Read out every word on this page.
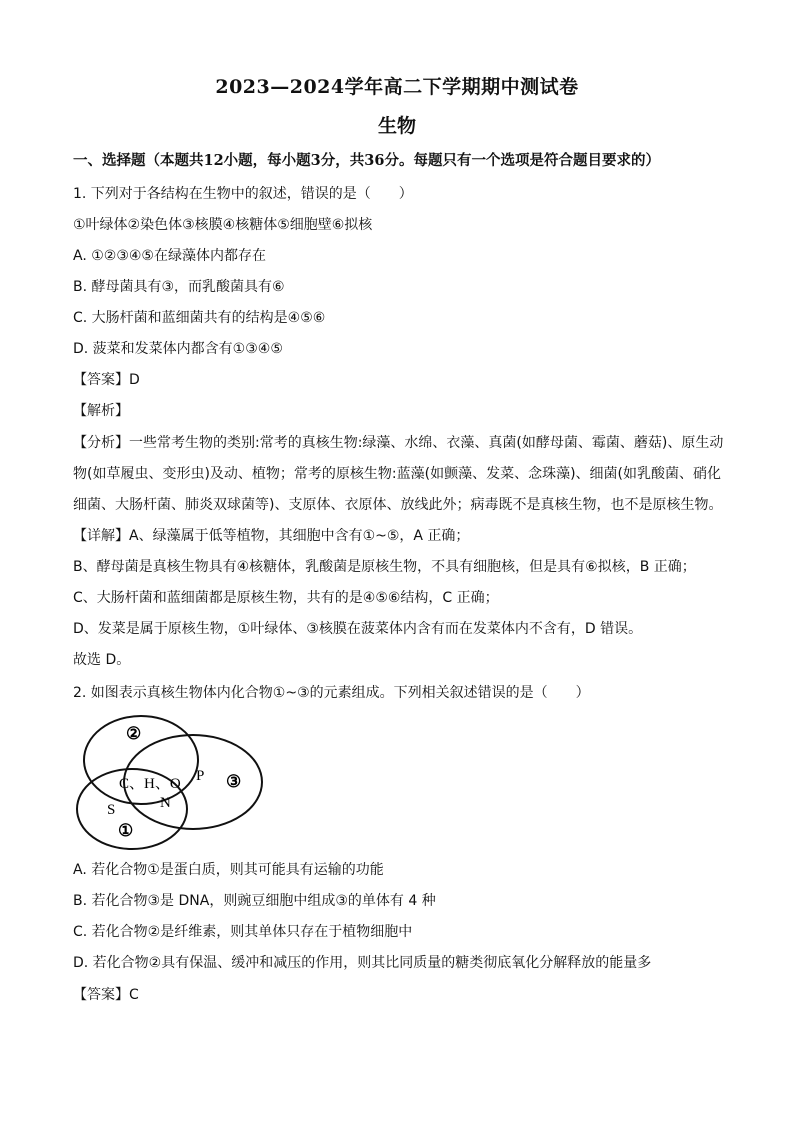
2023—2024学年高二下学期期中测试卷
生物
一、选择题（本题共12小题，每小题3分，共36分。每题只有一个选项是符合题目要求的）
1. 下列对于各结构在生物中的叙述，错误的是（　　）
①叶绿体②染色体③核膜④核糖体⑤细胞壁⑥拟核
A. ①②③④⑤在绿藻体内都存在
B. 酵母菌具有③，而乳酸菌具有⑥
C. 大肠杆菌和蓝细菌共有的结构是④⑤⑥
D. 菠菜和发菜体内都含有①③④⑤
【答案】D
【解析】
【分析】一些常考生物的类别:常考的真核生物:绿藻、水绵、衣藻、真菌(如酵母菌、霉菌、蘑菇)、原生动
物(如草履虫、变形虫)及动、植物；常考的原核生物:蓝藻(如颤藻、发菜、念珠藻)、细菌(如乳酸菌、硝化
细菌、大肠杆菌、肺炎双球菌等)、支原体、衣原体、放线此外；病毒既不是真核生物，也不是原核生物。
【详解】A、绿藻属于低等植物，其细胞中含有①~⑤，A 正确；
B、酵母菌是真核生物具有④核糖体，乳酸菌是原核生物，不具有细胞核，但是具有⑥拟核，B 正确；
C、大肠杆菌和蓝细菌都是原核生物，共有的是④⑤⑥结构，C 正确；
D、发菜是属于原核生物，①叶绿体、③核膜在菠菜体内含有而在发菜体内不含有，D 错误。
故选 D。
2. 如图表示真核生物体内化合物①~③的元素组成。下列相关叙述错误的是（　　）
②
C、H、O
N
P ③
S
①
A. 若化合物①是蛋白质，则其可能具有运输的功能
B. 若化合物③是 DNA，则豌豆细胞中组成③的单体有 4 种
C. 若化合物②是纤维素，则其单体只存在于植物细胞中
D. 若化合物②具有保温、缓冲和减压的作用，则其比同质量的糖类彻底氧化分解释放的能量多
【答案】C
